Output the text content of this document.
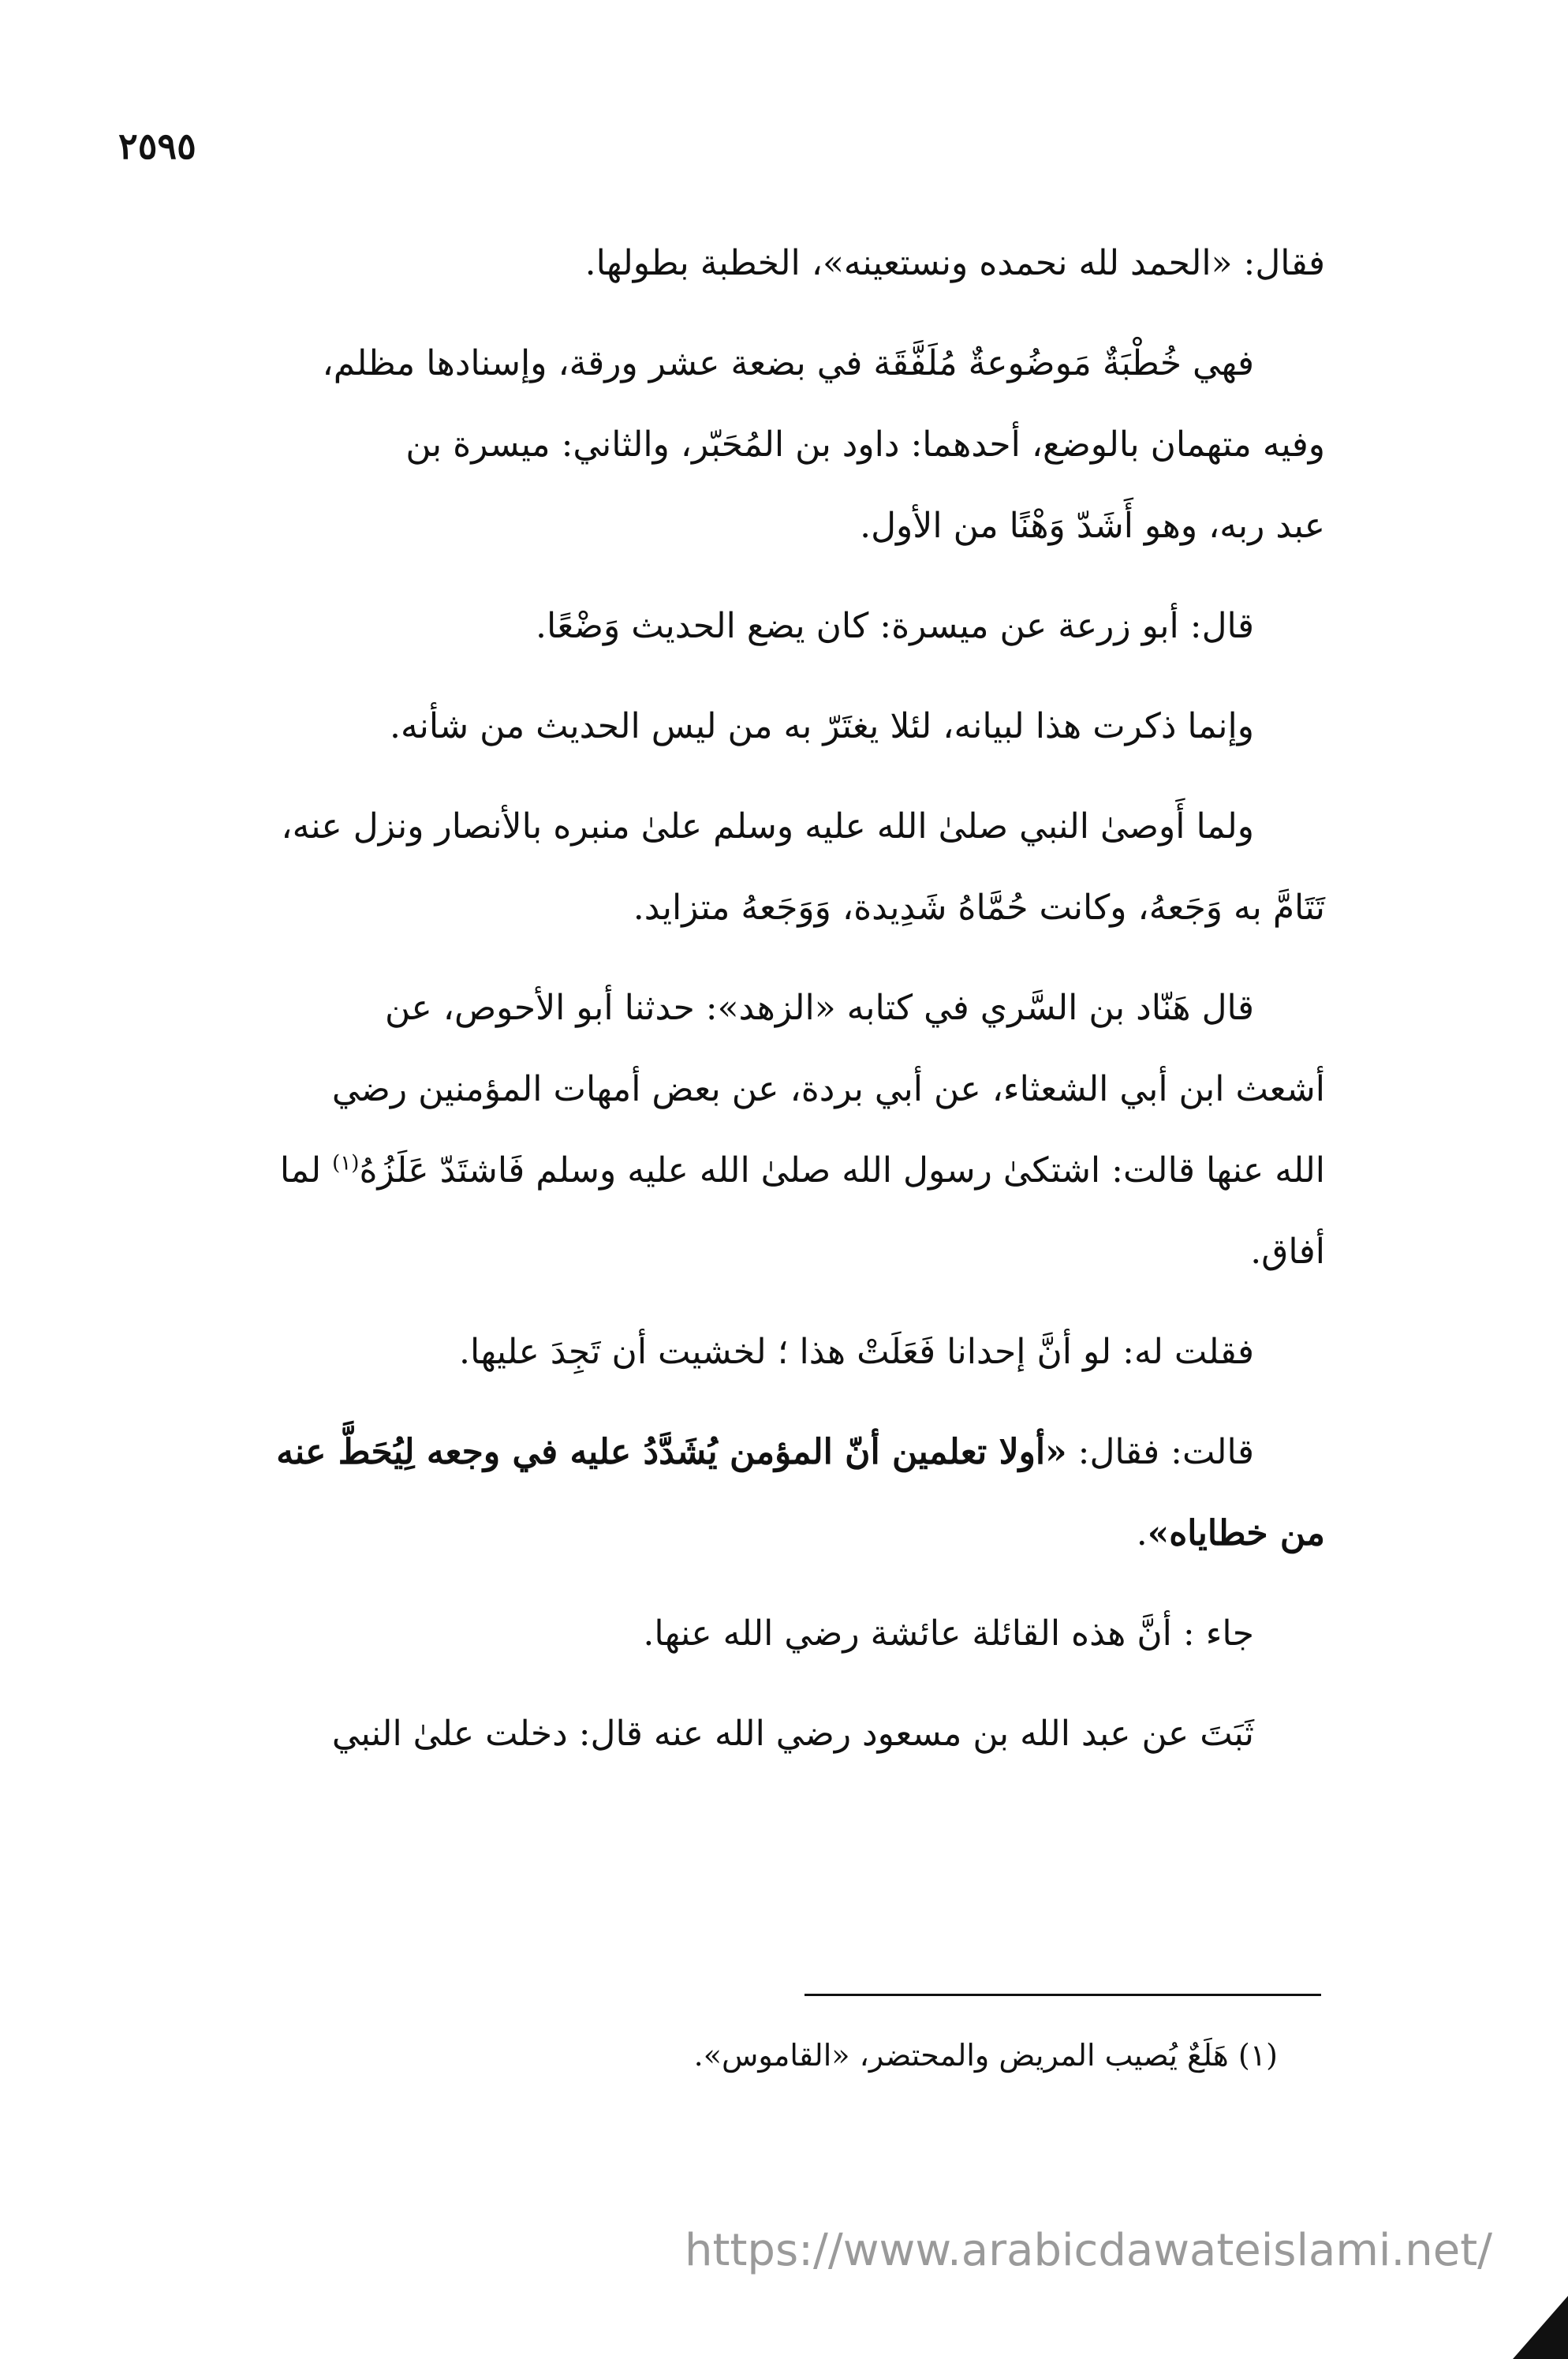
٢٥٩٥
فقال: «الحمد لله نحمده ونستعينه»، الخطبة بطولها.
فهي خُطْبَةٌ مَوضُوعةٌ مُلَفَّقَة في بضعة عشر ورقة، وإسنادها مظلم،
وفيه متهمان بالوضع، أحدهما: داود بن المُحَبّر، والثاني: ميسرة بن
عبد ربه، وهو أَشَدّ وَهْنًا من الأول.
قال: أبو زرعة عن ميسرة: كان يضع الحديث وَضْعًا.
وإنما ذكرت هذا لبيانه، لئلا يغتَرّ به من ليس الحديث من شأنه.
ولما أَوصىٰ النبي صلىٰ الله عليه وسلم علىٰ منبره بالأنصار ونزل عنه،
تَتَامَّ به وَجَعهُ، وكانت حُمَّاهُ شَدِيدة، وَوَجَعهُ متزايد.
قال هَنّاد بن السَّري في كتابه «الزهد»: حدثنا أبو الأحوص، عن
أشعث ابن أبي الشعثاء، عن أبي بردة، عن بعض أمهات المؤمنين رضي
الله عنها قالت: اشتكىٰ رسول الله صلىٰ الله عليه وسلم فَاشتَدّ عَلَزُهُ$^{(١)}$ لما
أفاق.
فقلت له: لو أنَّ إحدانا فَعَلَتْ هذا ؛ لخشيت أن تَجِدَ عليها.
قالت: فقال: «أولا تعلمين أنّ المؤمن يُشَدَّدُ عليه في وجعه لِيُحَطَّ عنه
من خطاياه».
جاء : أنَّ هذه القائلة عائشة رضي الله عنها.
ثَبَتَ عن عبد الله بن مسعود رضي الله عنه قال: دخلت علىٰ النبي
(١) هَلَعٌ يُصيب المريض والمحتضر، «القاموس».
https://www.arabicdawateislami.net/
